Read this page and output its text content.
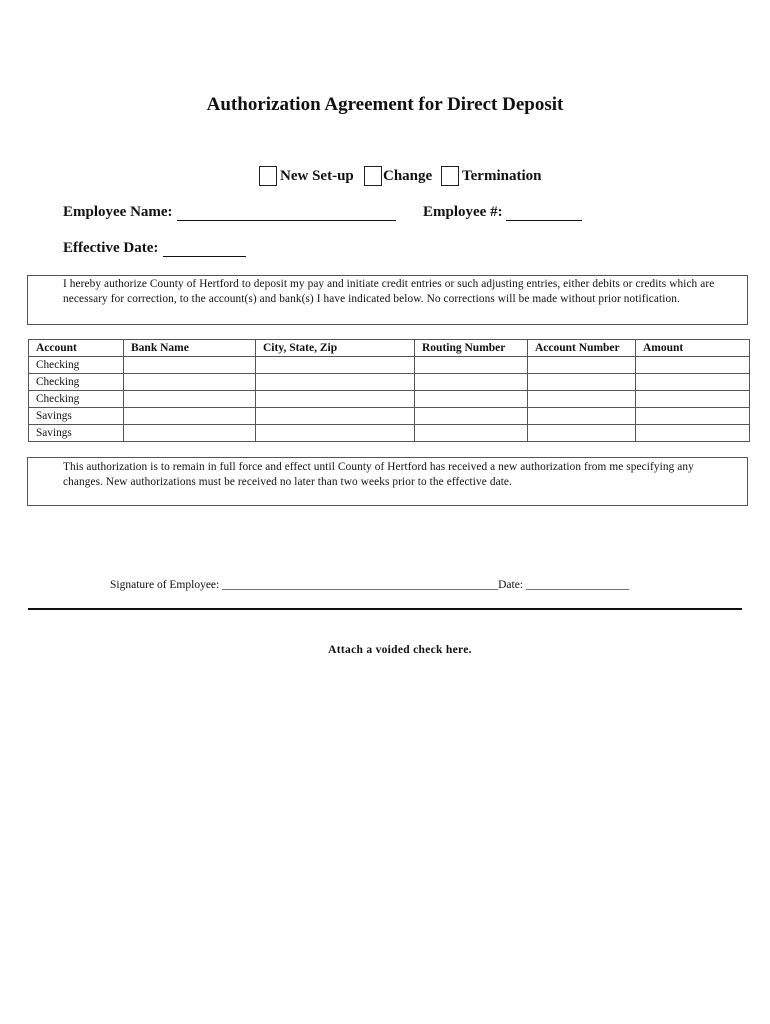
Authorization Agreement for Direct Deposit
New Set-up Change Termination
Employee Name:	Employee #:
Effective Date:
I hereby authorize County of Hertford to deposit my pay and initiate credit entries or such adjusting entries, either debits or credits which are necessary for correction, to the account(s) and bank(s) I have indicated below. No corrections will be made without prior notification.
Account	Bank Name	City, State, Zip	Routing Number	Account Number	Amount
Checking					
Checking					
Checking					
Savings					
Savings					
This authorization is to remain in full force and effect until County of Hertford has received a new authorization from me specifying any changes. New authorizations must be received no later than two weeks prior to the effective date.
Signature of Employee: ________________________________________________Date: __________________
Attach a voided check here.
